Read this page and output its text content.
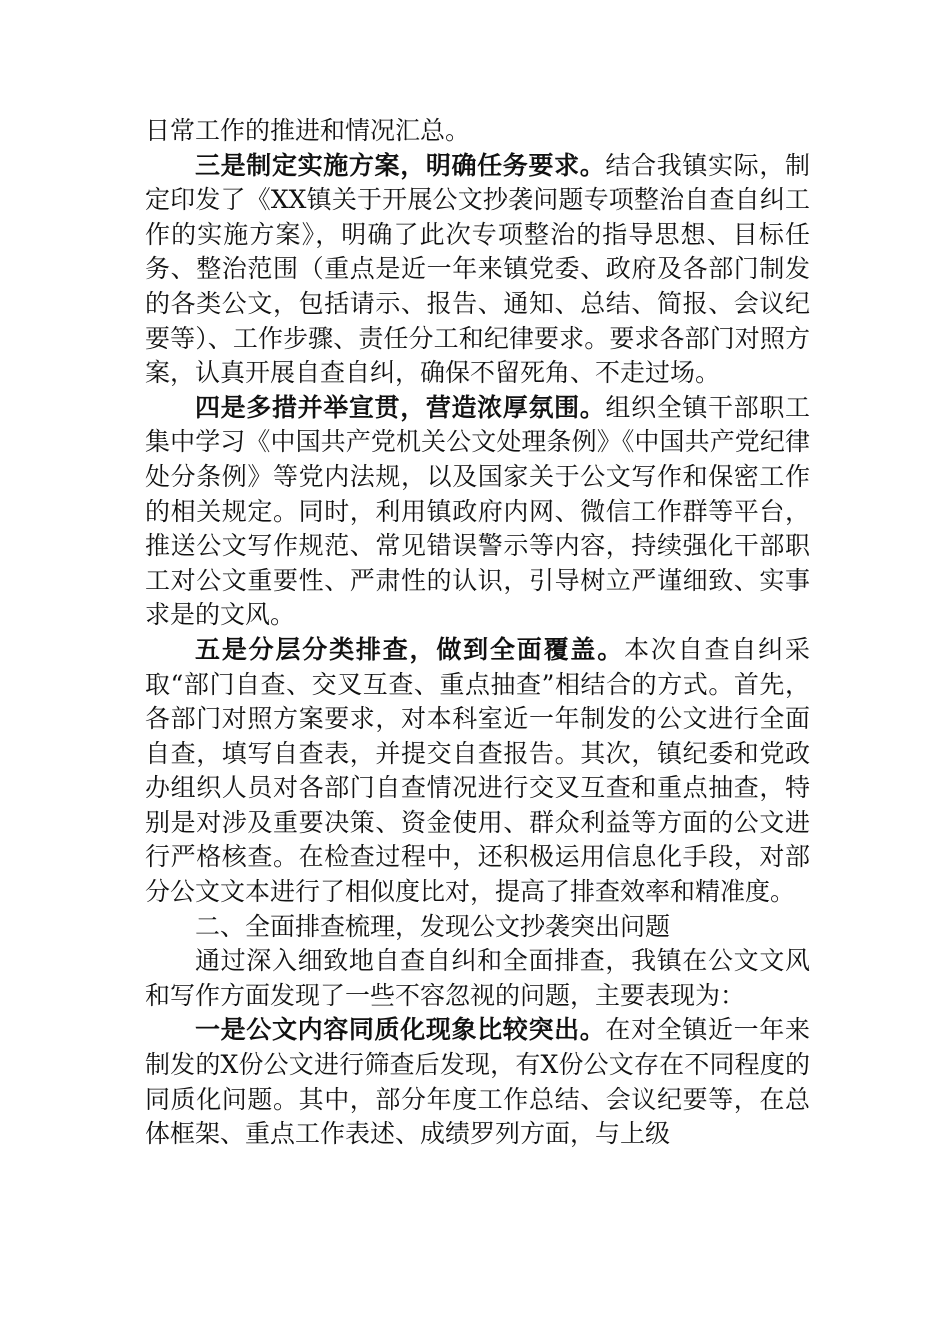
日常工作的推进和情况汇总。

三是制定实施方案，明确任务要求。结合我镇实际，制定印发了《XX镇关于开展公文抄袭问题专项整治自查自纠工作的实施方案》，明确了此次专项整治的指导思想、目标任务、整治范围（重点是近一年来镇党委、政府及各部门制发的各类公文，包括请示、报告、通知、总结、简报、会议纪要等）、工作步骤、责任分工和纪律要求。要求各部门对照方案，认真开展自查自纠，确保不留死角、不走过场。

四是多措并举宣贯，营造浓厚氛围。组织全镇干部职工集中学习《中国共产党机关公文处理条例》《中国共产党纪律处分条例》等党内法规，以及国家关于公文写作和保密工作的相关规定。同时，利用镇政府内网、微信工作群等平台，推送公文写作规范、常见错误警示等内容，持续强化干部职工对公文重要性、严肃性的认识，引导树立严谨细致、实事求是的文风。

五是分层分类排查，做到全面覆盖。本次自查自纠采取“部门自查、交叉互查、重点抽查”相结合的方式。首先，各部门对照方案要求，对本科室近一年制发的公文进行全面自查，填写自查表，并提交自查报告。其次，镇纪委和党政办组织人员对各部门自查情况进行交叉互查和重点抽查，特别是对涉及重要决策、资金使用、群众利益等方面的公文进行严格核查。在检查过程中，还积极运用信息化手段，对部分公文文本进行了相似度比对，提高了排查效率和精准度。

二、全面排查梳理，发现公文抄袭突出问题

通过深入细致地自查自纠和全面排查，我镇在公文文风和写作方面发现了一些不容忽视的问题，主要表现为：

一是公文内容同质化现象比较突出。在对全镇近一年来制发的X份公文进行筛查后发现，有X份公文存在不同程度的同质化问题。其中，部分年度工作总结、会议纪要等，在总体框架、重点工作表述、成绩罗列方面，与上级
